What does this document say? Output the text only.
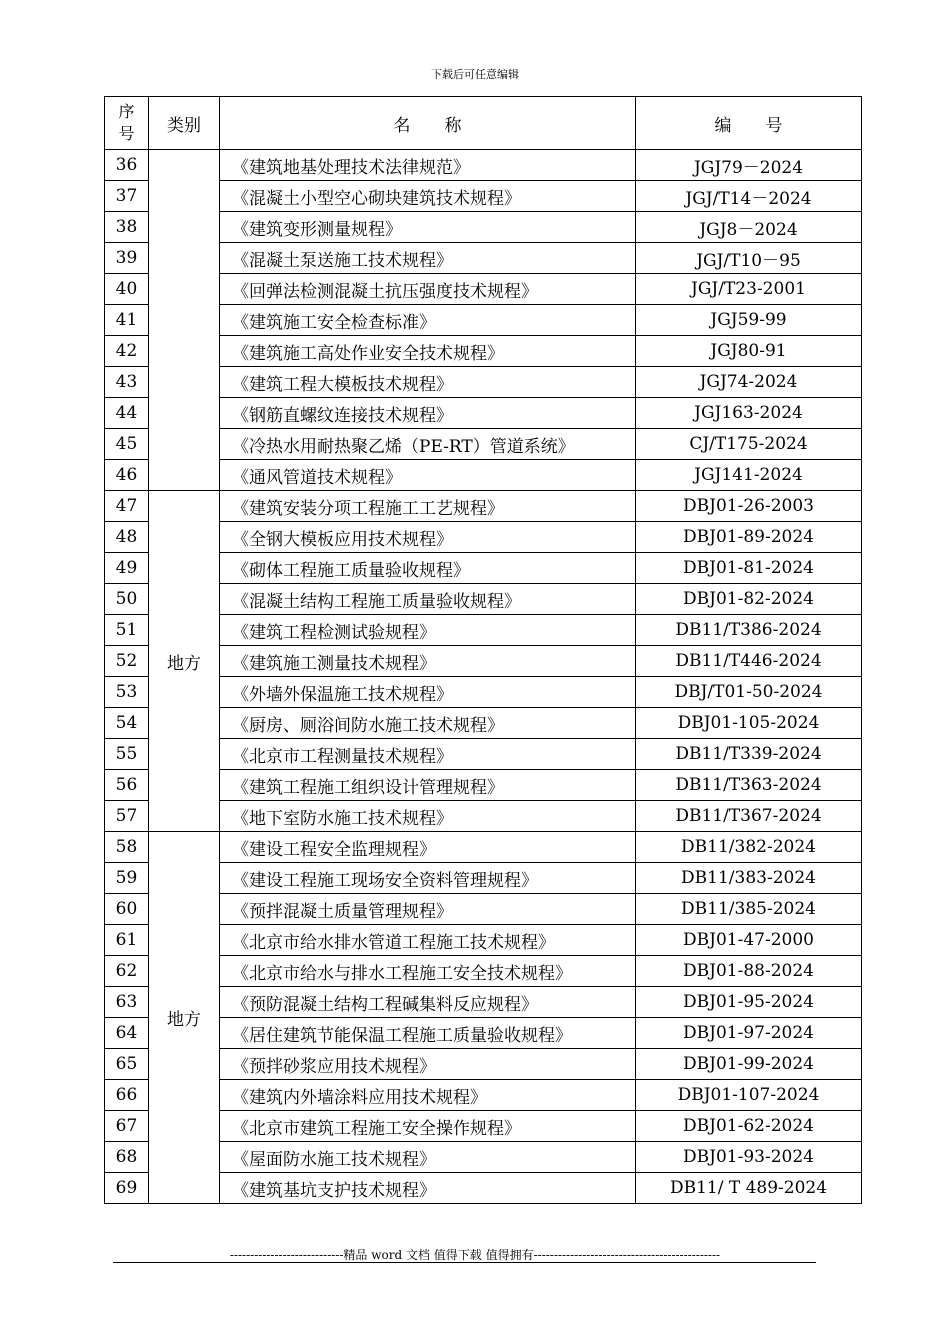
下载后可任意编辑
序
号	类别	名　　称	编　　号
36		《建筑地基处理技术法律规范》	JGJ79－2024
37		《混凝土小型空心砌块建筑技术规程》	JGJ/T14－2024
38		《建筑变形测量规程》	JGJ8－2024
39		《混凝土泵送施工技术规程》	JGJ/T10－95
40		《回弹法检测混凝土抗压强度技术规程》	JGJ/T23-2001
41		《建筑施工安全检查标准》	JGJ59-99
42		《建筑施工高处作业安全技术规程》	JGJ80-91
43		《建筑工程大模板技术规程》	JGJ74-2024
44		《钢筋直螺纹连接技术规程》	JGJ163-2024
45		《冷热水用耐热聚乙烯（PE-RT）管道系统》	CJ/T175-2024
46		《通风管道技术规程》	JGJ141-2024
47	地方	《建筑安装分项工程施工工艺规程》	DBJ01-26-2003
48		《全钢大模板应用技术规程》	DBJ01-89-2024
49		《砌体工程施工质量验收规程》	DBJ01-81-2024
50		《混凝土结构工程施工质量验收规程》	DBJ01-82-2024
51		《建筑工程检测试验规程》	DB11/T386-2024
52		《建筑施工测量技术规程》	DB11/T446-2024
53		《外墙外保温施工技术规程》	DBJ/T01-50-2024
54		《厨房、厕浴间防水施工技术规程》	DBJ01-105-2024
55		《北京市工程测量技术规程》	DB11/T339-2024
56		《建筑工程施工组织设计管理规程》	DB11/T363-2024
57		《地下室防水施工技术规程》	DB11/T367-2024
58	地方	《建设工程安全监理规程》	DB11/382-2024
59		《建设工程施工现场安全资料管理规程》	DB11/383-2024
60		《预拌混凝土质量管理规程》	DB11/385-2024
61		《北京市给水排水管道工程施工技术规程》	DBJ01-47-2000
62		《北京市给水与排水工程施工安全技术规程》	DBJ01-88-2024
63		《预防混凝土结构工程碱集料反应规程》	DBJ01-95-2024
64		《居住建筑节能保温工程施工质量验收规程》	DBJ01-97-2024
65		《预拌砂浆应用技术规程》	DBJ01-99-2024
66		《建筑内外墙涂料应用技术规程》	DBJ01-107-2024
67		《北京市建筑工程施工安全操作规程》	DBJ01-62-2024
68		《屋面防水施工技术规程》	DBJ01-93-2024
69		《建筑基坑支护技术规程》	DB11/ T 489-2024
----------------------------精品 word 文档 值得下载 值得拥有----------------------------------------------
